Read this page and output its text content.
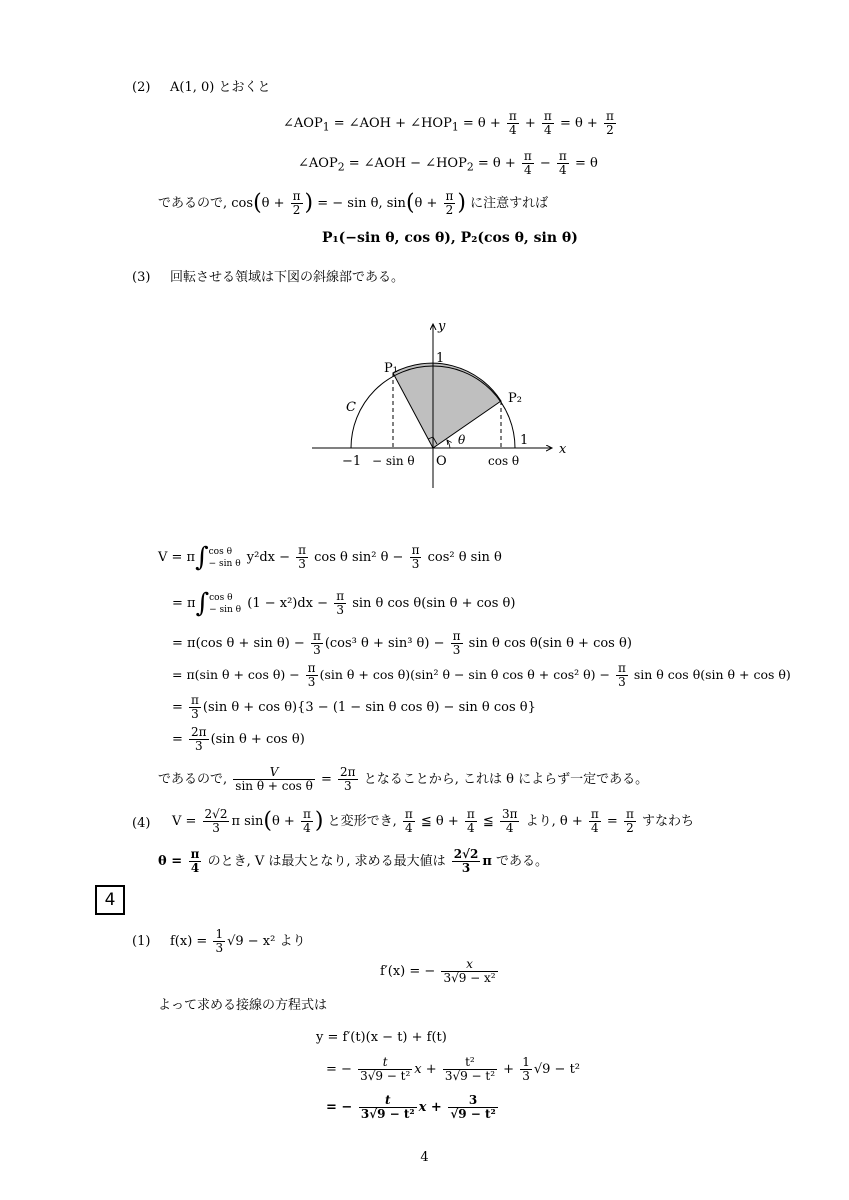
(2) A(1, 0) とおくと
$\angle AOP_1$ = ∠AOH + $\angle HOP_1 = \theta + \frac{\pi}{4} + \frac{\pi}{4} = \theta + \frac{\pi}{2}$
$\angle AOP_2$ = ∠AOH − $\angle HOP_2 = \theta + \frac{\pi}{4} - \frac{\pi}{4} = \theta$
であるので, $\cos(\theta + \frac{\pi}{2}$ ) = − sin θ, $\sin(\theta + \frac{\pi}{2}$ ) に注意すれば
P₁(−sin θ, cos θ), P₂(cos θ, sin θ)
(3) 回転させる領域は下図の斜線部である。
y
x
1
P₁
P₂
C
θ	1
−1 − sin θ O	cos θ
V = π∫ cos θ
− sin θ $y^2dx - \frac{\pi}{3}$ cos θ sin² $\theta - \frac{\pi}{3} \cos^2$ θ sin θ
= π∫ cos θ
− sin θ $(1 - x^2)dx - \frac{\pi}{3}$ sin θ cos θ(sin θ + cos θ)
= π(cos $\theta + \sin \theta) - \frac{\pi}{3} (\cos^3$ θ + sin³ $\theta) - \frac{\pi}{3}$ sin θ cos θ(sin θ + cos θ)
= π(sin $\theta + \cos \theta) - \frac{\pi}{3} (\sin$ θ + cos θ)(sin² θ − sin θ cos θ + cos² $\theta) - \frac{\pi}{3}$ sin θ cos θ(sin θ + cos θ)
= $\frac{\pi}{3} (\sin$ θ + cos θ){3 − (1 − sin θ cos θ) − sin θ cos θ}
= $\frac{2\pi}{3} (\sin$ θ + cos θ)
であるので, $\frac{V}{\text{sin θ + cos θ}} = \frac{2\pi}{3}$ となることから, これは θ によらず一定である。
(4) $V = \frac{2√2}{3}$ π $\sin(\theta + \frac{\pi}{4}$ ) と変形でき, $\frac{\pi}{4}$ ≦ $\theta + \frac{\pi}{4}$ ≦ $\frac{3\pi}{4}$ より, $\theta + \frac{\pi}{4} = \frac{\pi}{2}$ すなわち
$\theta = \frac{\pi}{4}$ のとき, V は最大となり, 求める最大値は $\frac{2√2}{3}$ π である。
4
(1) $f(x) = \frac{1}{3} √9 - x^2$ より
f′(x) = − $\frac{x}{\text{3√9 − x²}}$
よって求める接線の方程式は
y = f′(t)(x − t) + f(t)
= − $\frac{t}{\text{3√9 − t²}}$ $x + \frac{\text{t²}}{\text{3√9 − t²}} + \frac{1}{3} √9 - t^2$
= − $\frac{t}{\text{3√9 − t²}}$ $x + \frac{3}{\text{√9 − t²}}$
4
